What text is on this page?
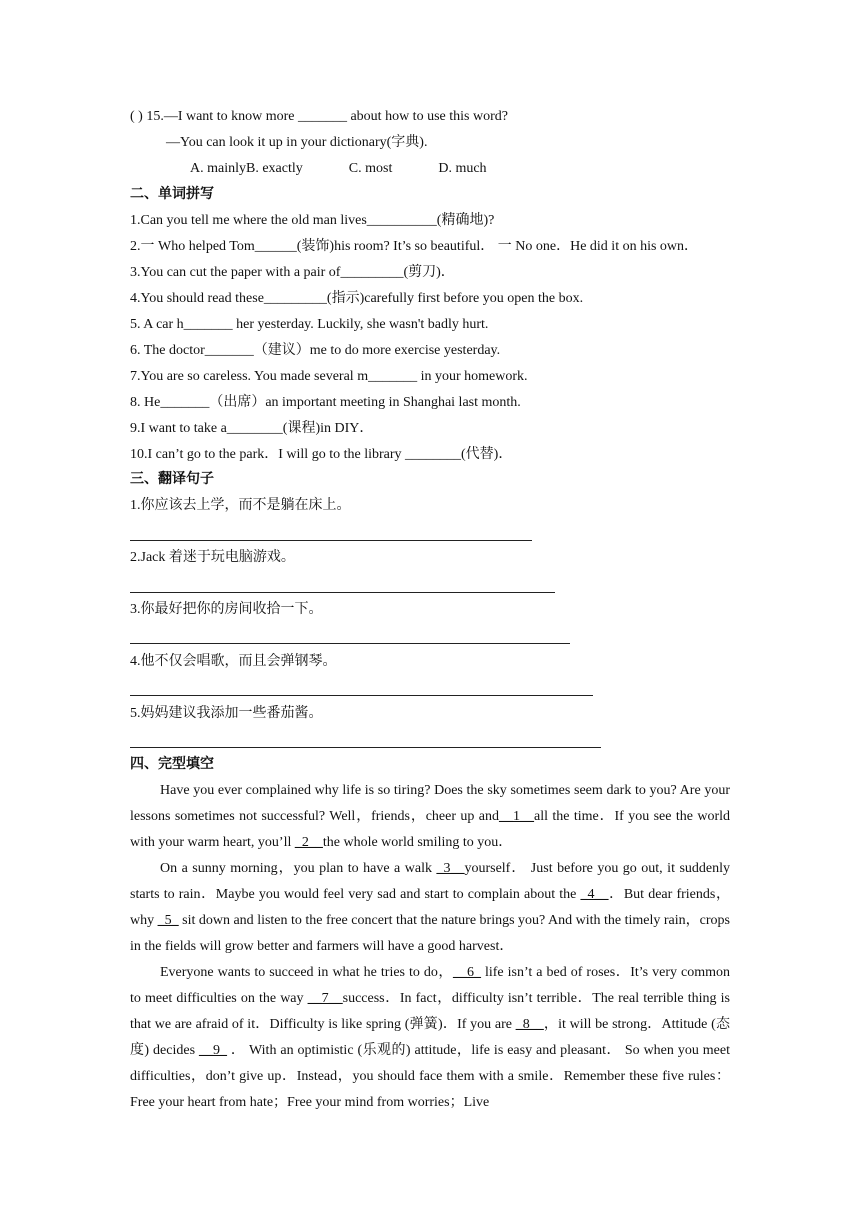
( ) 15.—I want to know more _______ about how to use this word?
—You can look it up in your dictionary(字典).
A. mainlyB. exactly	C. most	D. much
二、单词拼写
1.Can you tell me where the old man lives__________(精确地)?
2.一 Who helped Tom______(装饰)his room? It’s so beautiful． 一 No one．He did it on his own．
3.You can cut the paper with a pair of_________(剪刀)．
4.You should read these_________(指示)carefully first before you open the box.
5. A car h_______ her yesterday. Luckily, she wasn't badly hurt.
6. The doctor_______（建议）me to do more exercise yesterday.
7.You are so careless. You made several m_______ in your homework.
8. He_______（出席）an important meeting in Shanghai last month.
9.I want to take a________(课程)in DIY．
10.I can’t go to the park．I will go to the library ________(代替)．
三、翻译句子
1.你应该去上学，而不是躺在床上。
2.Jack 着迷于玩电脑游戏。
3.你最好把你的房间收拾一下。
4.他不仅会唱歌，而且会弹钢琴。
5.妈妈建议我添加一些番茄酱。
四、完型填空

Have you ever complained why life is so tiring? Does the sky sometimes seem dark to you? Are your lessons sometimes not successful? Well，friends，cheer up and__1__all the time．If you see the world with your warm heart, you’ll _2__the whole world smiling to you．

On a sunny morning，you plan to have a walk _3__yourself． Just before you go out, it suddenly starts to rain．Maybe you would feel very sad and start to complain about the _4__．But dear friends，why _5_ sit down and listen to the free concert that the nature brings you? And with the timely rain，crops in the fields will grow better and farmers will have a good harvest．

Everyone wants to succeed in what he tries to do，__6_ life isn’t a bed of roses．It’s very common to meet difficulties on the way __7__success．In fact，difficulty isn’t terrible．The real terrible thing is that we are afraid of it．Difficulty is like spring (弹簧)．If you are _8__，it will be strong．Attitude (态度) decides __9_ ． With an optimistic (乐观的) attitude，life is easy and pleasant． So when you meet difficulties，don’t give up．Instead，you should face them with a smile．Remember these five rules：Free your heart from hate；Free your mind from worries；Live
